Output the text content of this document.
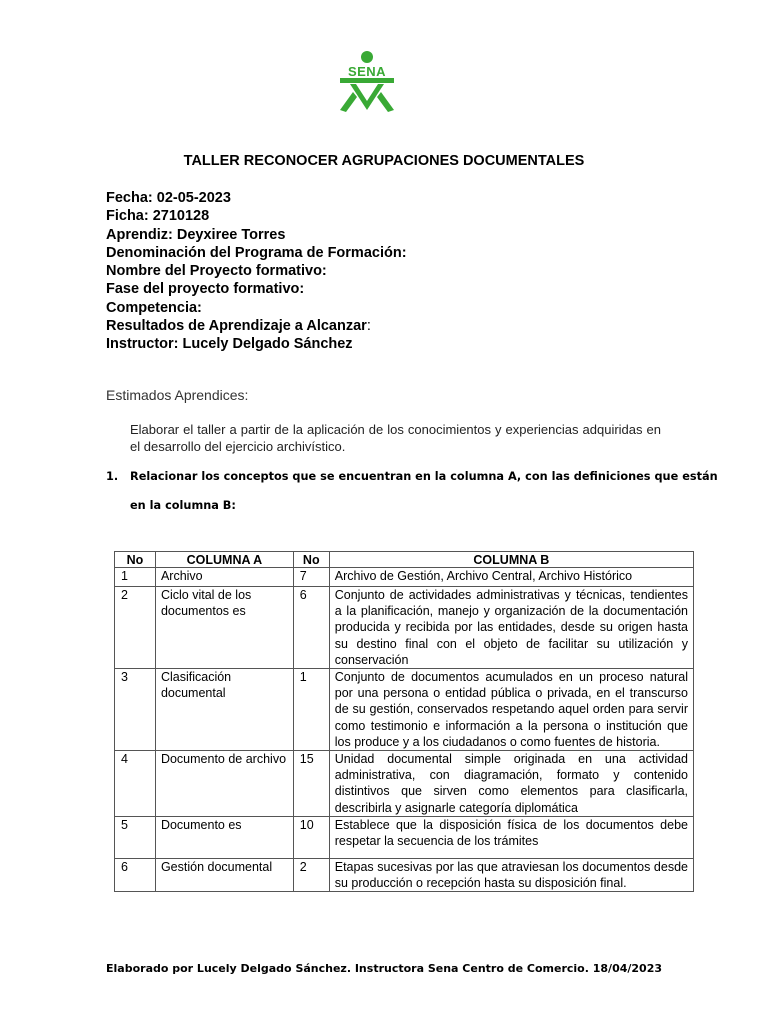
SENA
TALLER RECONOCER AGRUPACIONES DOCUMENTALES
Fecha: 02-05-2023
Ficha: 2710128
Aprendiz: Deyxiree Torres
Denominación del Programa de Formación:
Nombre del Proyecto formativo:
Fase del proyecto formativo:
Competencia:
Resultados de Aprendizaje a Alcanzar:
Instructor: Lucely Delgado Sánchez
Estimados Aprendices:
Elaborar el taller a partir de la aplicación de los conocimientos y experiencias adquiridas en el desarrollo del ejercicio archivístico.
1. Relacionar los conceptos que se encuentran en la columna A, con las definiciones que están
en la columna B:
No	COLUMNA A	No	COLUMNA B
1	Archivo	7	Archivo de Gestión, Archivo Central, Archivo Histórico
2	Ciclo vital de los documentos es	6	Conjunto de actividades administrativas y técnicas, tendientes a la planificación, manejo y organización de la documentación producida y recibida por las entidades, desde su origen hasta su destino final con el objeto de facilitar su utilización y conservación
3	Clasificación documental	1	Conjunto de documentos acumulados en un proceso natural por una persona o entidad pública o privada, en el transcurso de su gestión, conservados respetando aquel orden para servir como testimonio e información a la persona o institución que los produce y a los ciudadanos o como fuentes de historia.
4	Documento de archivo	15	Unidad documental simple originada en una actividad administrativa, con diagramación, formato y contenido distintivos que sirven como elementos para clasificarla, describirla y asignarle categoría diplomática
5	Documento es	10	Establece que la disposición física de los documentos debe respetar la secuencia de los trámites
6	Gestión documental	2	Etapas sucesivas por las que atraviesan los documentos desde su producción o recepción hasta su disposición final.
Elaborado por Lucely Delgado Sánchez. Instructora Sena Centro de Comercio. 18/04/2023
